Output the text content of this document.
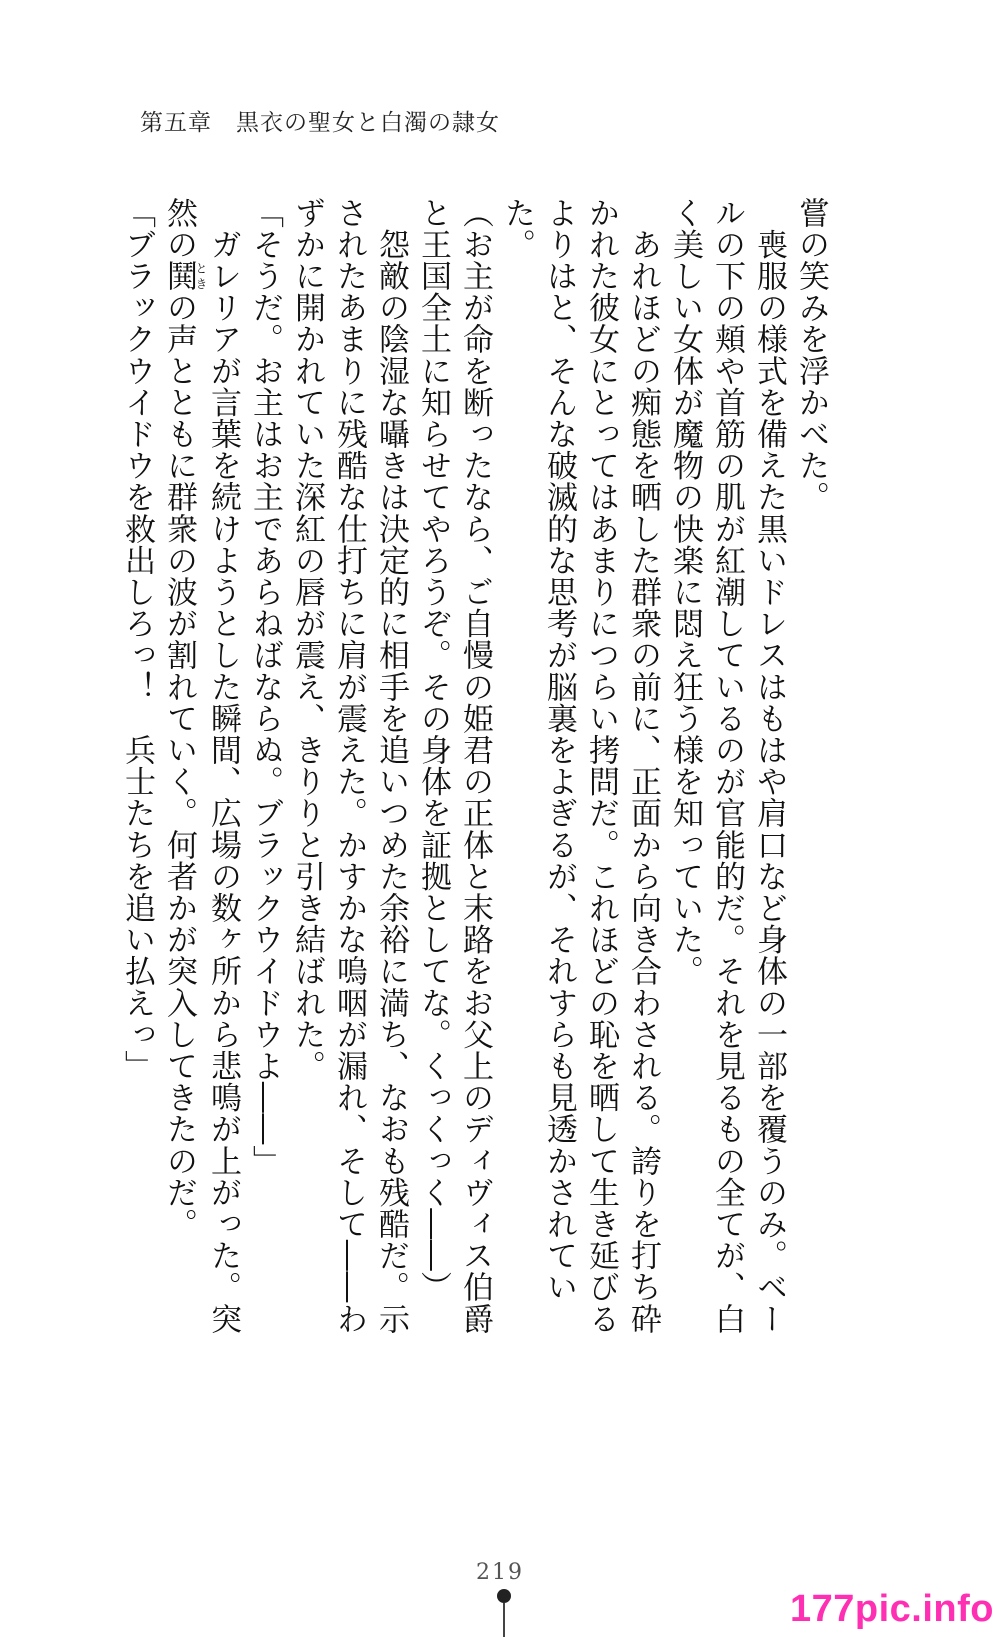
第五章 黒衣の聖女と白濁の隷女

嘗の笑みを浮かべた。

　喪服の様式を備えた黒いドレスはもはや肩口など身体の一部を覆うのみ。ベールの下の頬や首筋の肌が紅潮しているのが官能的だ。それを見るもの全てが、白く美しい女体が魔物の快楽に悶え狂う様を知っていた。

　あれほどの痴態を晒した群衆の前に、正面から向き合わされる。誇りを打ち砕かれた彼女にとってはあまりにつらい拷問だ。これほどの恥を晒して生き延びるよりはと、そんな破滅的な思考が脳裏をよぎるが、それすらも見透かされていた。

（お主が命を断ったなら、ご自慢の姫君の正体と末路をお父上のディヴィス伯爵と王国全土に知らせてやろうぞ。その身体を証拠としてな。くっくっく――）

　怨敵の陰湿な囁きは決定的に相手を追いつめた余裕に満ち、なおも残酷だ。示されたあまりに残酷な仕打ちに肩が震えた。かすかな嗚咽が漏れ、そして――わずかに開かれていた深紅の唇が震え、きりりと引き結ばれた。

「そうだ。お主はお主であらねばならぬ。ブラックウイドウよ――」

　ガレリアが言葉を続けようとした瞬間、広場の数ヶ所から悲鳴が上がった。突然の鬨ときの声とともに群衆の波が割れていく。何者かが突入してきたのだ。

「ブラックウイドウを救出しろっ！　兵士たちを追い払えっ」

219
177pic.info
